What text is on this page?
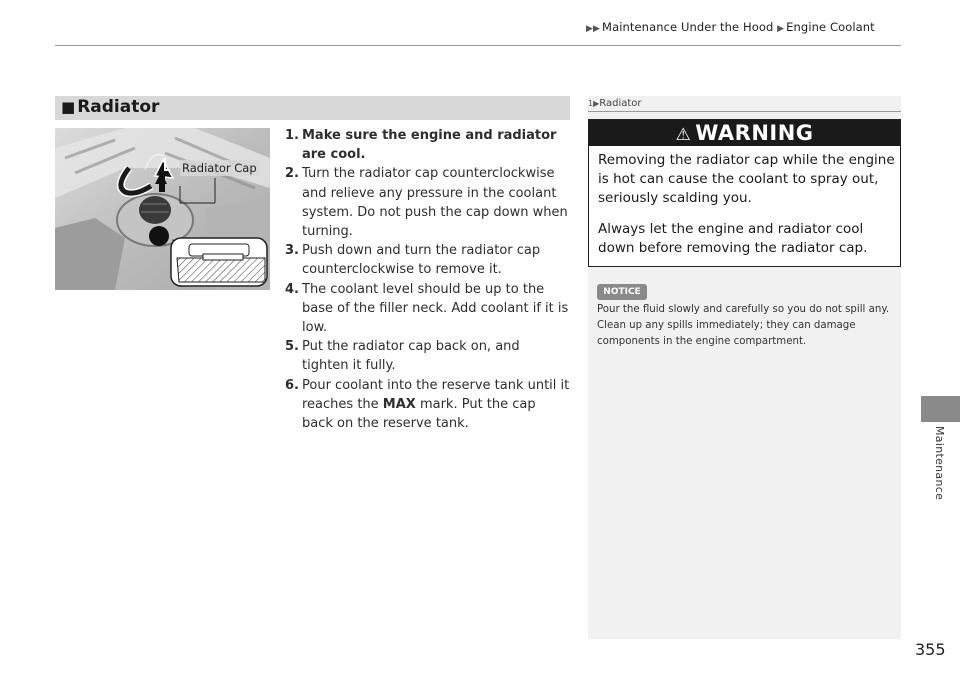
▶▶ Maintenance Under the Hood ▶ Engine Coolant
Maintenance
■ Radiator
Radiator Cap
1. Make sure the engine and radiator are cool.
2. Turn the radiator cap counterclockwise and relieve any pressure in the coolant system. Do not push the cap down when turning.
3. Push down and turn the radiator cap counterclockwise to remove it.
4. The coolant level should be up to the base of the filler neck. Add coolant if it is low.
5. Put the radiator cap back on, and tighten it fully.
6. Pour coolant into the reserve tank until it reaches the MAX mark. Put the cap back on the reserve tank.
1▶Radiator
⚠ WARNING
Removing the radiator cap while the engine is hot can cause the coolant to spray out, seriously scalding you.
Always let the engine and radiator cool down before removing the radiator cap.
NOTICE
Pour the fluid slowly and carefully so you do not spill any. Clean up any spills immediately; they can damage components in the engine compartment.
355
